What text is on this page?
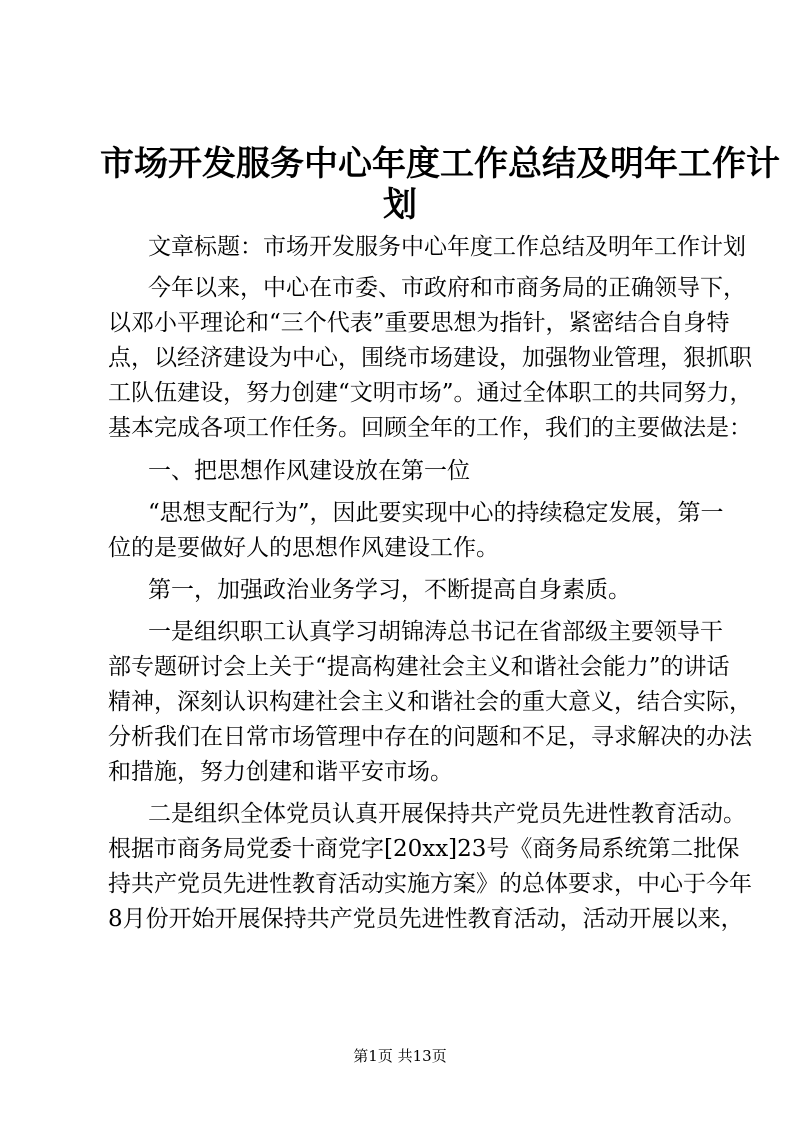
市场开发服务中心年度工作总结及明年工作计
划
文章标题：市场开发服务中心年度工作总结及明年工作计划
今年以来，中心在市委、市政府和市商务局的正确领导下，
以邓小平理论和“三个代表”重要思想为指针，紧密结合自身特
点，以经济建设为中心，围绕市场建设，加强物业管理，狠抓职
工队伍建设，努力创建“文明市场”。通过全体职工的共同努力，
基本完成各项工作任务。回顾全年的工作，我们的主要做法是：
一、把思想作风建设放在第一位
“思想支配行为”，因此要实现中心的持续稳定发展，第一
位的是要做好人的思想作风建设工作。
第一，加强政治业务学习，不断提高自身素质。
一是组织职工认真学习胡锦涛总书记在省部级主要领导干
部专题研讨会上关于“提高构建社会主义和谐社会能力”的讲话
精神，深刻认识构建社会主义和谐社会的重大意义，结合实际，
分析我们在日常市场管理中存在的问题和不足，寻求解决的办法
和措施，努力创建和谐平安市场。
二是组织全体党员认真开展保持共产党员先进性教育活动。
根据市商务局党委十商党字[20xx]23号《商务局系统第二批保
持共产党员先进性教育活动实施方案》的总体要求，中心于今年
8月份开始开展保持共产党员先进性教育活动，活动开展以来，
第1页 共13页
